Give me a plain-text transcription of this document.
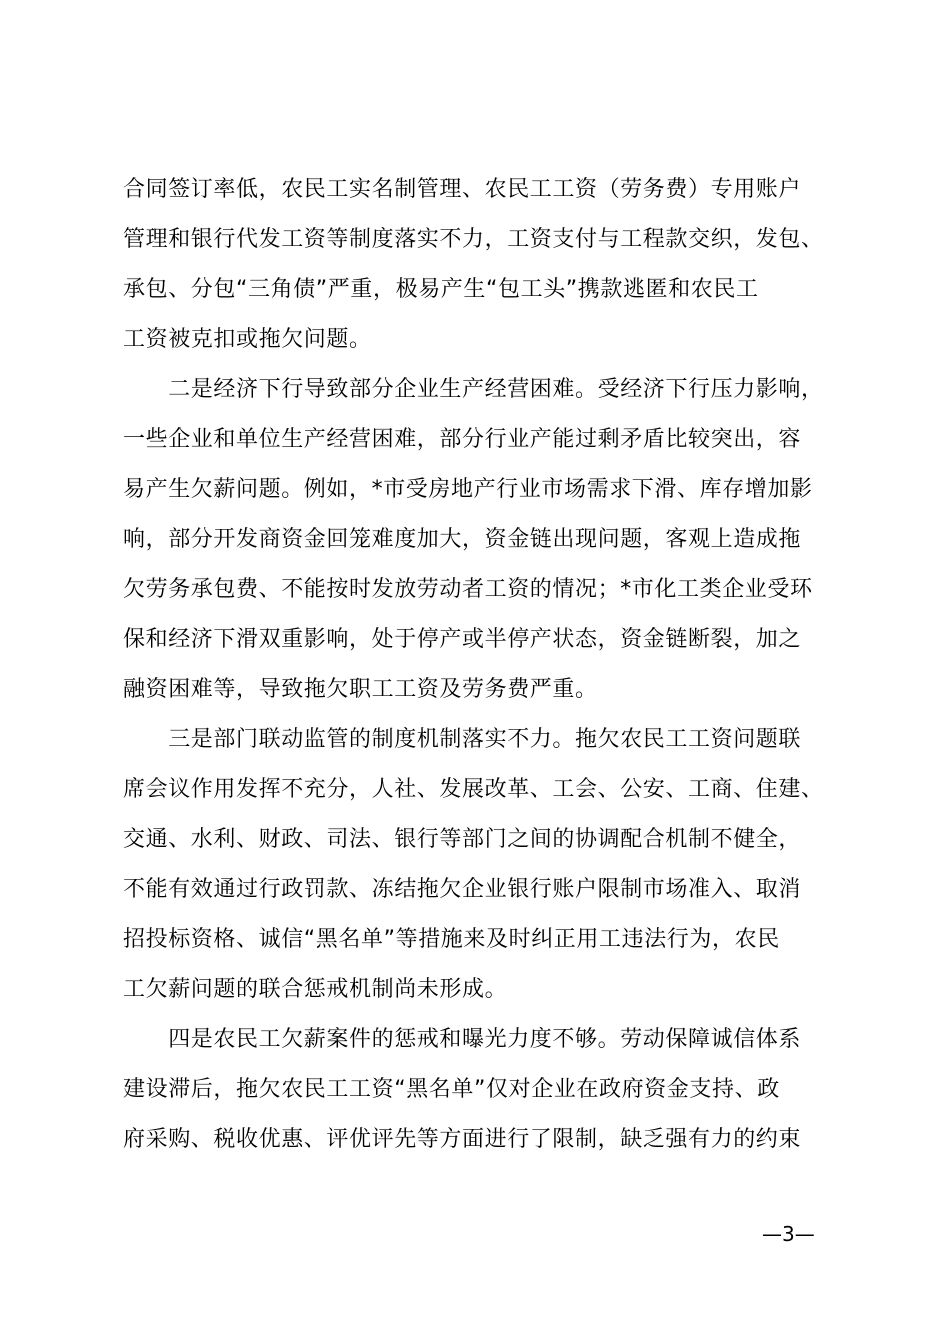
合同签订率低，农民工实名制管理、农民工工资（劳务费）专用账户
管理和银行代发工资等制度落实不力，工资支付与工程款交织，发包、
承包、分包“三角债”严重，极易产生“包工头”携款逃匿和农民工
工资被克扣或拖欠问题。
　　二是经济下行导致部分企业生产经营困难。受经济下行压力影响，
一些企业和单位生产经营困难，部分行业产能过剩矛盾比较突出，容
易产生欠薪问题。例如，*市受房地产行业市场需求下滑、库存增加影
响，部分开发商资金回笼难度加大，资金链出现问题，客观上造成拖
欠劳务承包费、不能按时发放劳动者工资的情况；*市化工类企业受环
保和经济下滑双重影响，处于停产或半停产状态，资金链断裂，加之
融资困难等，导致拖欠职工工资及劳务费严重。
　　三是部门联动监管的制度机制落实不力。拖欠农民工工资问题联
席会议作用发挥不充分，人社、发展改革、工会、公安、工商、住建、
交通、水利、财政、司法、银行等部门之间的协调配合机制不健全，
不能有效通过行政罚款、冻结拖欠企业银行账户限制市场准入、取消
招投标资格、诚信“黑名单”等措施来及时纠正用工违法行为，农民
工欠薪问题的联合惩戒机制尚未形成。
　　四是农民工欠薪案件的惩戒和曝光力度不够。劳动保障诚信体系
建设滞后，拖欠农民工工资“黑名单”仅对企业在政府资金支持、政
府采购、税收优惠、评优评先等方面进行了限制，缺乏强有力的约束
—3—
